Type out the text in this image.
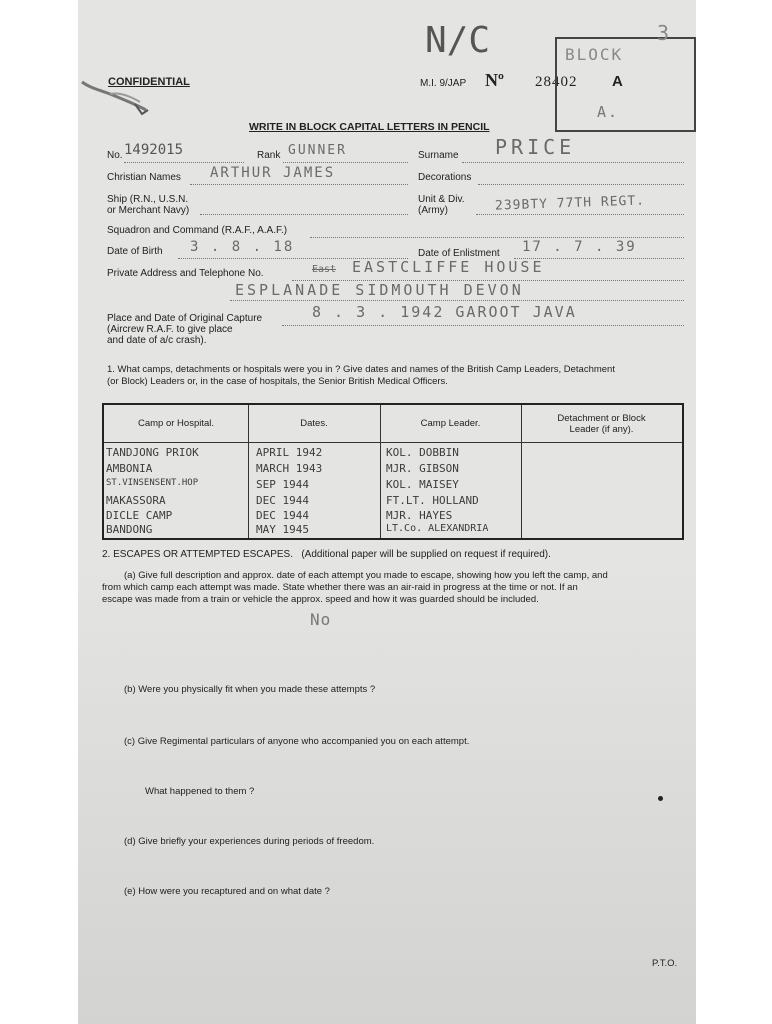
CONFIDENTIAL	M.I. 9/JAP Nº 28402 A
N/C	BLOCK
A.
3
WRITE IN BLOCK CAPITAL LETTERS IN PENCIL
No. 1492015	Rank GUNNER	Surname PRICE
Christian Names ARTHUR JAMES	Decorations
Ship (R.N., U.S.N.
or Merchant Navy)
Unit & Div.
(Army)	239BTY 77TH REGT.
Squadron and Command (R.A.F., A.A.F.)
Date of Birth 3 . 8 . 18	Date of Enlistment 17 . 7 . 39
Private Address and Telephone No.	East EASTCLIFFE HOUSE
ESPLANADE SIDMOUTH DEVON
Place and Date of Original Capture
(Aircrew R.A.F. to give place
and date of a/c crash).
8 . 3 . 1942 GAROOT JAVA
1. What camps, detachments or hospitals were you in ? Give dates and names of the British Camp Leaders, Detachment
(or Block) Leaders or, in the case of hospitals, the Senior British Medical Officers.
Camp or Hospital.	Dates.	Camp Leader.	Detachment or Block
Leader (if any).
TANDJONG PRIOK	APRIL 1942	KOL. DOBBIN
AMBONIA	MARCH 1943	MJR. GIBSON
ST.VINSENSENT.HOP	SEP 1944	KOL. MAISEY
MAKASSORA	DEC 1944	FT.LT. HOLLAND
DICLE CAMP	DEC 1944	MJR. HAYES
BANDONG	MAY 1945	LT.Co. ALEXANDRIA
2. ESCAPES OR ATTEMPTED ESCAPES. (Additional paper will be supplied on request if required).
(a) Give full description and approx. date of each attempt you made to escape, showing how you left the camp, and
from which camp each attempt was made. State whether there was an air-raid in progress at the time or not. If an
escape was made from a train or vehicle the approx. speed and how it was guarded should be included.
No
(b) Were you physically fit when you made these attempts ?
(c) Give Regimental particulars of anyone who accompanied you on each attempt.
What happened to them ?
(d) Give briefly your experiences during periods of freedom.
(e) How were you recaptured and on what date ?
P.T.O.
